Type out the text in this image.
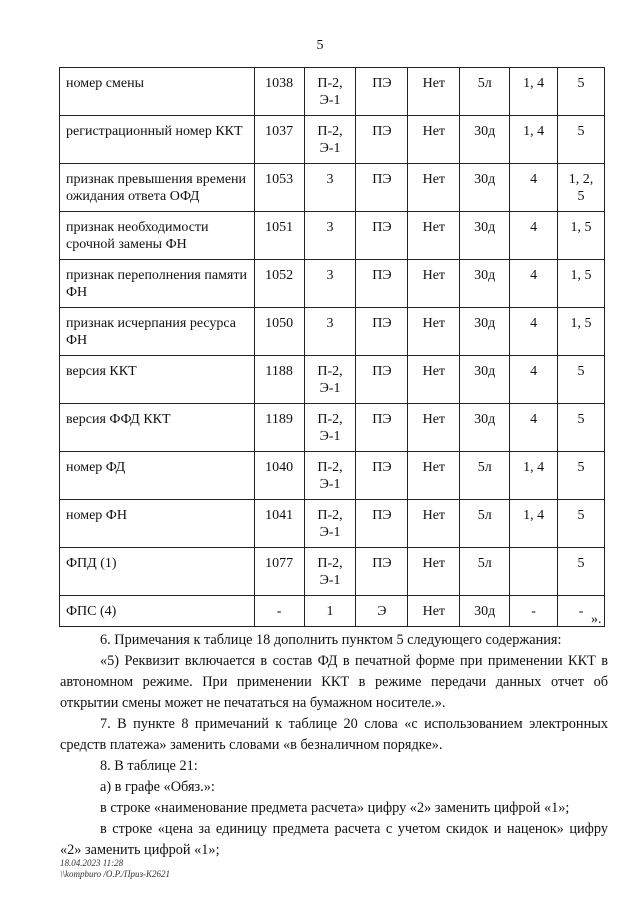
5
номер смены	1038	П-2, Э-1	ПЭ	Нет	5л	1, 4	5
регистрационный номер ККТ	1037	П-2, Э-1	ПЭ	Нет	30д	1, 4	5
признак превышения времени ожидания ответа ОФД	1053	3	ПЭ	Нет	30д	4	1, 2, 5
признак необходимости срочной замены ФН	1051	3	ПЭ	Нет	30д	4	1, 5
признак переполнения памяти ФН	1052	3	ПЭ	Нет	30д	4	1, 5
признак исчерпания ресурса ФН	1050	3	ПЭ	Нет	30д	4	1, 5
версия ККТ	1188	П-2, Э-1	ПЭ	Нет	30д	4	5
версия ФФД ККТ	1189	П-2, Э-1	ПЭ	Нет	30д	4	5
номер ФД	1040	П-2, Э-1	ПЭ	Нет	5л	1, 4	5
номер ФН	1041	П-2, Э-1	ПЭ	Нет	5л	1, 4	5
ФПД (1)	1077	П-2, Э-1	ПЭ	Нет	5л		5
ФПС (4)	-	1	Э	Нет	30д	-	-
».

6. Примечания к таблице 18 дополнить пунктом 5 следующего содержания:

«5) Реквизит включается в состав ФД в печатной форме при применении ККТ в автономном режиме. При применении ККТ в режиме передачи данных отчет об открытии смены может не печататься на бумажном носителе.».

7. В пункте 8 примечаний к таблице 20 слова «с использованием электронных средств платежа» заменить словами «в безналичном порядке».

8. В таблице 21:

а) в графе «Обяз.»:

в строке «наименование предмета расчета» цифру «2» заменить цифрой «1»;

в строке «цена за единицу предмета расчета с учетом скидок и наценок» цифру «2» заменить цифрой «1»;

18.04.2023 11:28
\\kompburo /О.Р./Приз-К2621
